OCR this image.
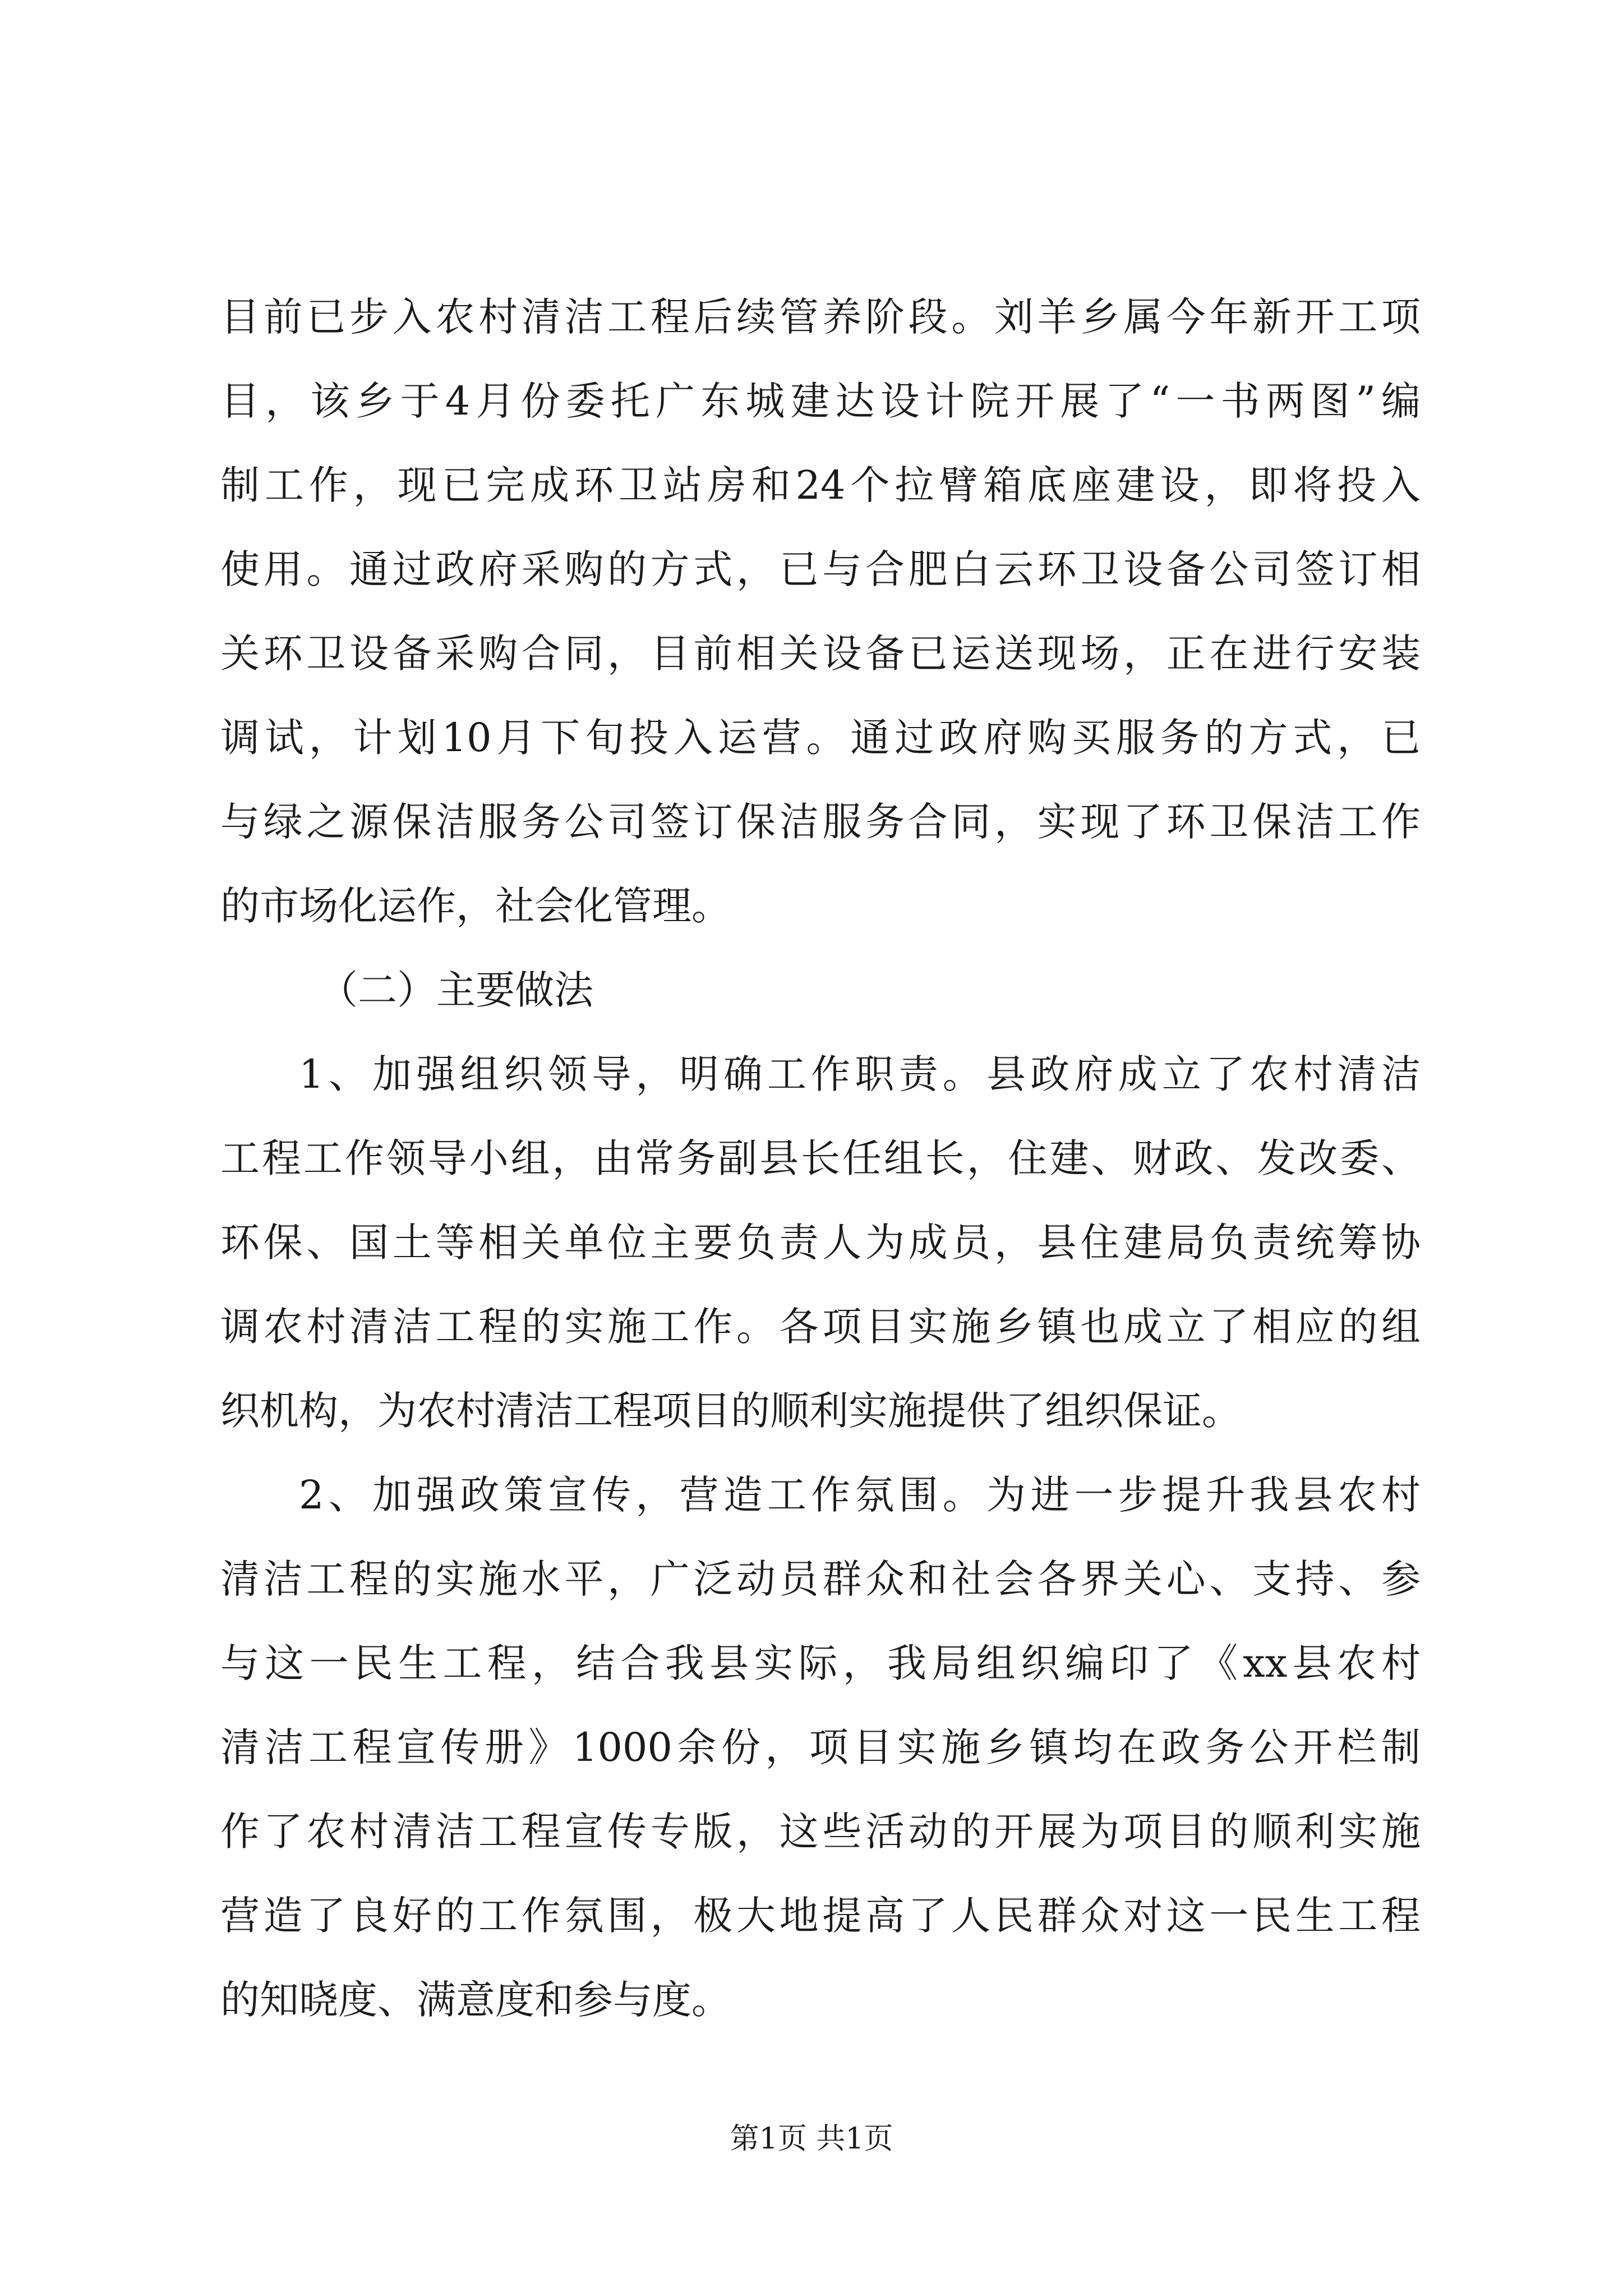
目前已步入农村清洁工程后续管养阶段。刘羊乡属今年新开工项
目，该乡于4月份委托广东城建达设计院开展了“一书两图”编
制工作，现已完成环卫站房和24个拉臂箱底座建设，即将投入
使用。通过政府采购的方式，已与合肥白云环卫设备公司签订相
关环卫设备采购合同，目前相关设备已运送现场，正在进行安装
调试，计划10月下旬投入运营。通过政府购买服务的方式，已
与绿之源保洁服务公司签订保洁服务合同，实现了环卫保洁工作
的市场化运作，社会化管理。
（二）主要做法
1、加强组织领导，明确工作职责。县政府成立了农村清洁
工程工作领导小组，由常务副县长任组长，住建、财政、发改委、
环保、国土等相关单位主要负责人为成员，县住建局负责统筹协
调农村清洁工程的实施工作。各项目实施乡镇也成立了相应的组
织机构，为农村清洁工程项目的顺利实施提供了组织保证。
2、加强政策宣传，营造工作氛围。为进一步提升我县农村
清洁工程的实施水平，广泛动员群众和社会各界关心、支持、参
与这一民生工程，结合我县实际，我局组织编印了《xx县农村
清洁工程宣传册》1000余份，项目实施乡镇均在政务公开栏制
作了农村清洁工程宣传专版，这些活动的开展为项目的顺利实施
营造了良好的工作氛围，极大地提高了人民群众对这一民生工程
的知晓度、满意度和参与度。
第1页 共1页
